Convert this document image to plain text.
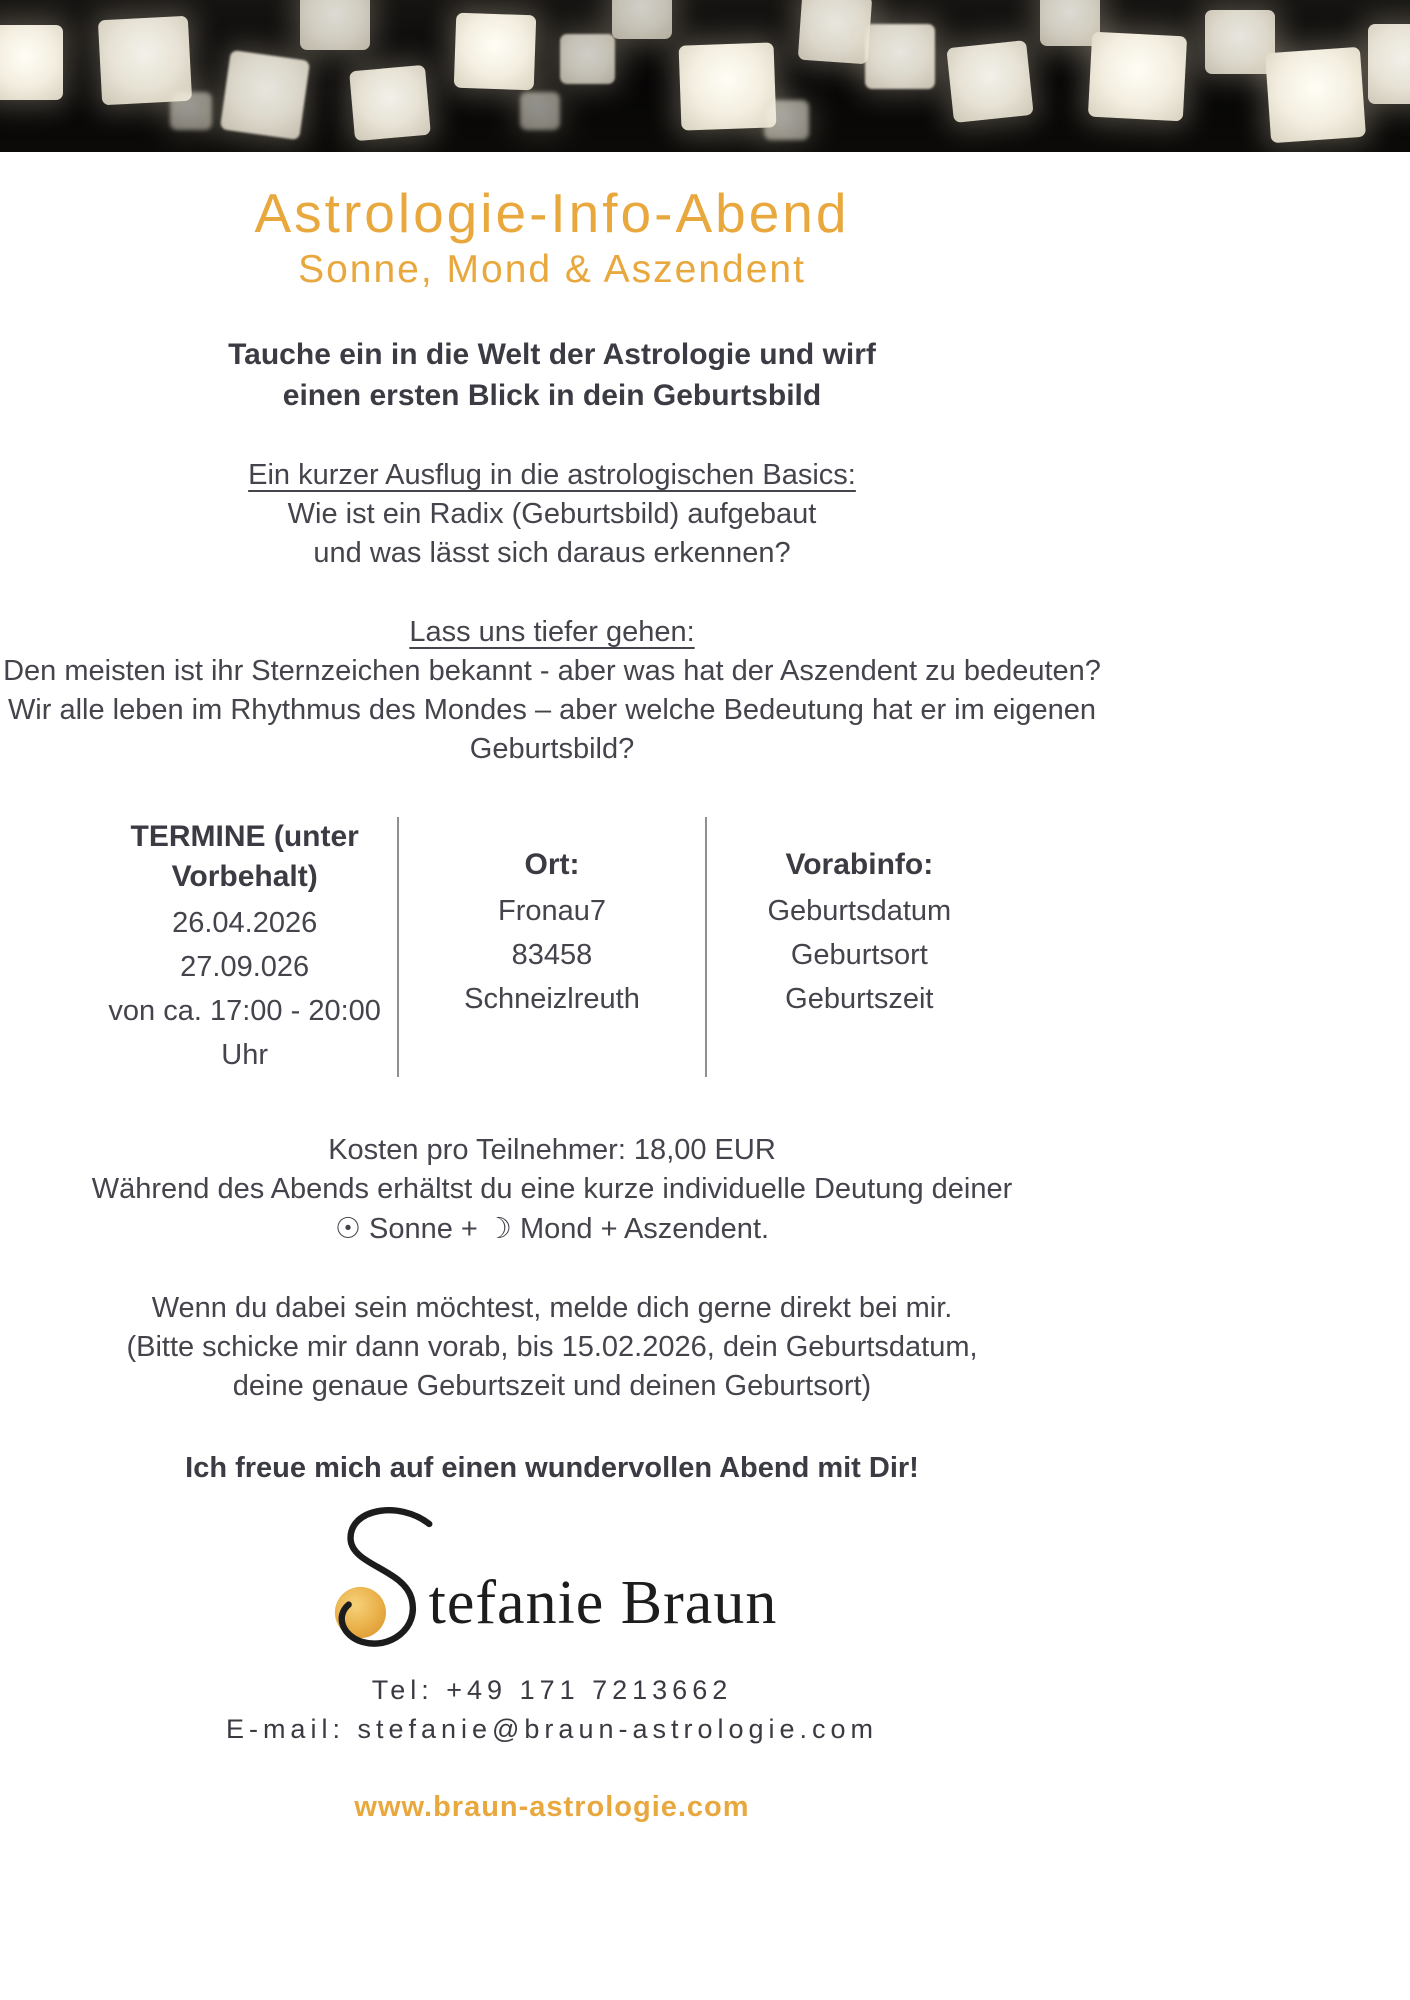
Astrologie-Info-Abend
Sonne, Mond & Aszendent
Tauche ein in die Welt der Astrologie und wirf
einen ersten Blick in dein Geburtsbild
Ein kurzer Ausflug in die astrologischen Basics:
Wie ist ein Radix (Geburtsbild) aufgebaut
und was lässt sich daraus erkennen?
Lass uns tiefer gehen:
Den meisten ist ihr Sternzeichen bekannt - aber was hat der Aszendent zu bedeuten?
Wir alle leben im Rhythmus des Mondes – aber welche Bedeutung hat er im eigenen
Geburtsbild?
TERMINE (unter Vorbehalt)
26.04.2026
27.09.026
von ca. 17:00 - 20:00 Uhr
Ort:
Fronau7
83458
Schneizlreuth
Vorabinfo:
Geburtsdatum
Geburtsort
Geburtszeit
Kosten pro Teilnehmer: 18,00 EUR
Während des Abends erhältst du eine kurze individuelle Deutung deiner
☉ Sonne + ☽ Mond + Aszendent.
Wenn du dabei sein möchtest, melde dich gerne direkt bei mir.
(Bitte schicke mir dann vorab, bis 15.02.2026, dein Geburtsdatum,
deine genaue Geburtszeit und deinen Geburtsort)
Ich freue mich auf einen wundervollen Abend mit Dir!
tefanie Braun
Tel: +49 171 7213662
E-mail: stefanie@braun-astrologie.com
www.braun-astrologie.com
